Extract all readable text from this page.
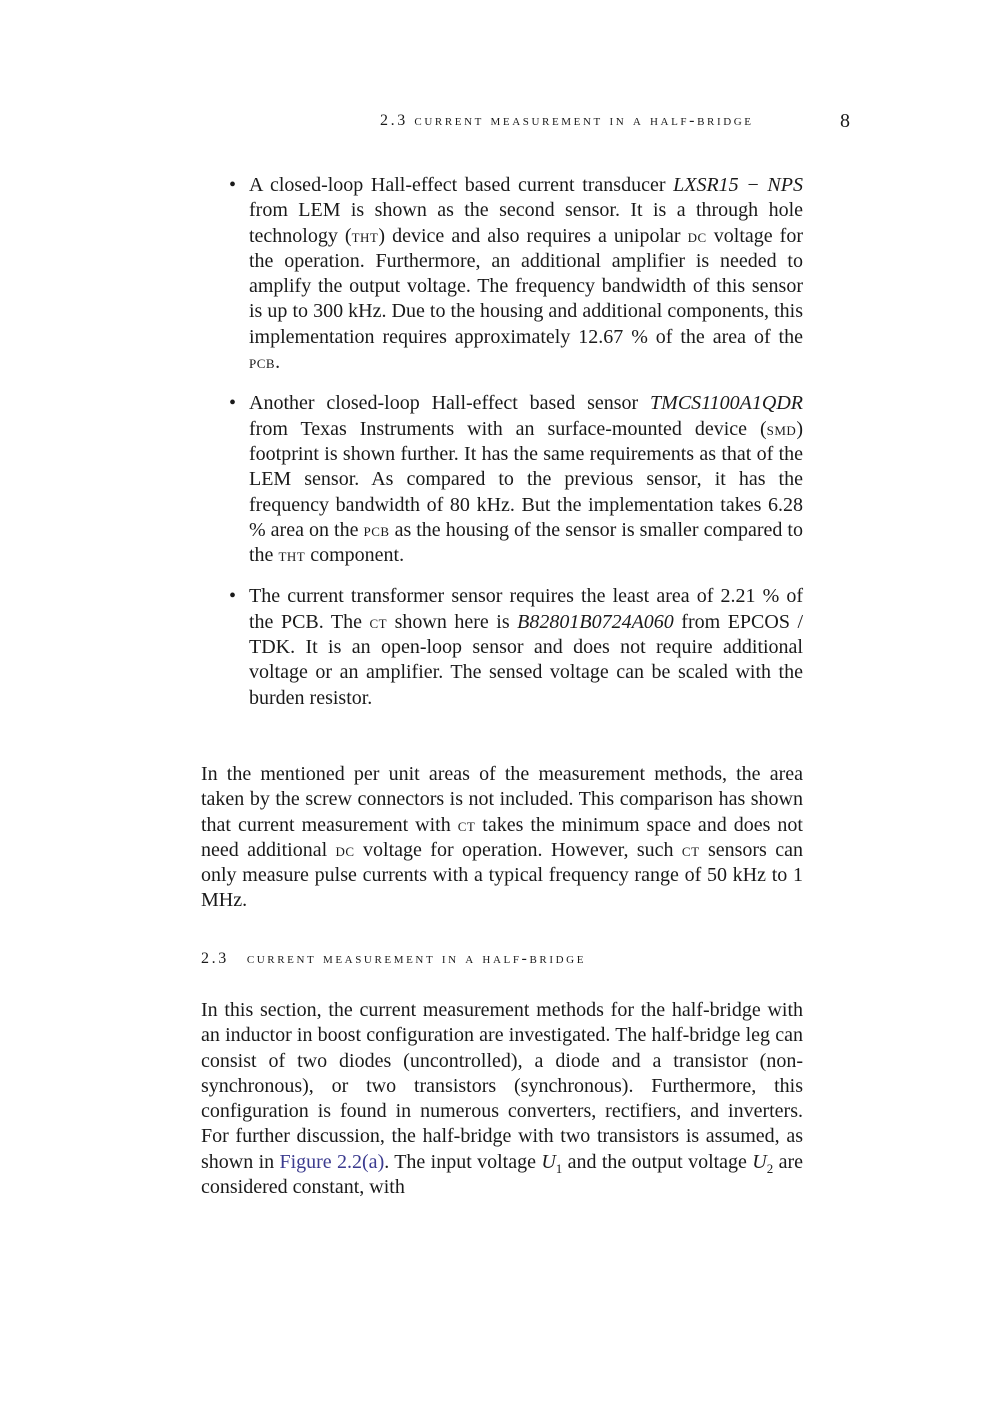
2.3 current measurement in a half-bridge	8
• A closed-loop Hall-effect based current transducer LXSR15 − NPS from LEM is shown as the second sensor. It is a through hole technology (tht) device and also requires a unipolar dc voltage for the operation. Furthermore, an additional amplifier is needed to amplify the output voltage. The frequency bandwidth of this sensor is up to 300 kHz. Due to the housing and additional components, this implementation requires approximately 12.67 % of the area of the pcb.
• Another closed-loop Hall-effect based sensor TMCS1100A1QDR from Texas Instruments with an surface-mounted device (smd) footprint is shown further. It has the same requirements as that of the LEM sensor. As compared to the previous sensor, it has the frequency bandwidth of 80 kHz. But the implementation takes 6.28 % area on the pcb as the housing of the sensor is smaller compared to the tht component.
• The current transformer sensor requires the least area of 2.21 % of the PCB. The ct shown here is B82801B0724A060 from EPCOS / TDK. It is an open-loop sensor and does not require additional voltage or an amplifier. The sensed voltage can be scaled with the burden resistor.

In the mentioned per unit areas of the measurement methods, the area taken by the screw connectors is not included. This comparison has shown that current measurement with ct takes the minimum space and does not need additional dc voltage for operation. However, such ct sensors can only measure pulse currents with a typical frequency range of 50 kHz to 1 MHz.

2.3 current measurement in a half-bridge

In this section, the current measurement methods for the half-bridge with an inductor in boost configuration are investigated. The half-bridge leg can consist of two diodes (uncontrolled), a diode and a transistor (non-synchronous), or two transistors (synchronous). Furthermore, this configuration is found in numerous converters, rectifiers, and inverters. For further discussion, the half-bridge with two transistors is assumed, as shown in Figure 2.2(a). The input voltage $U_1$ and the output voltage $U_2$ are considered constant, with
